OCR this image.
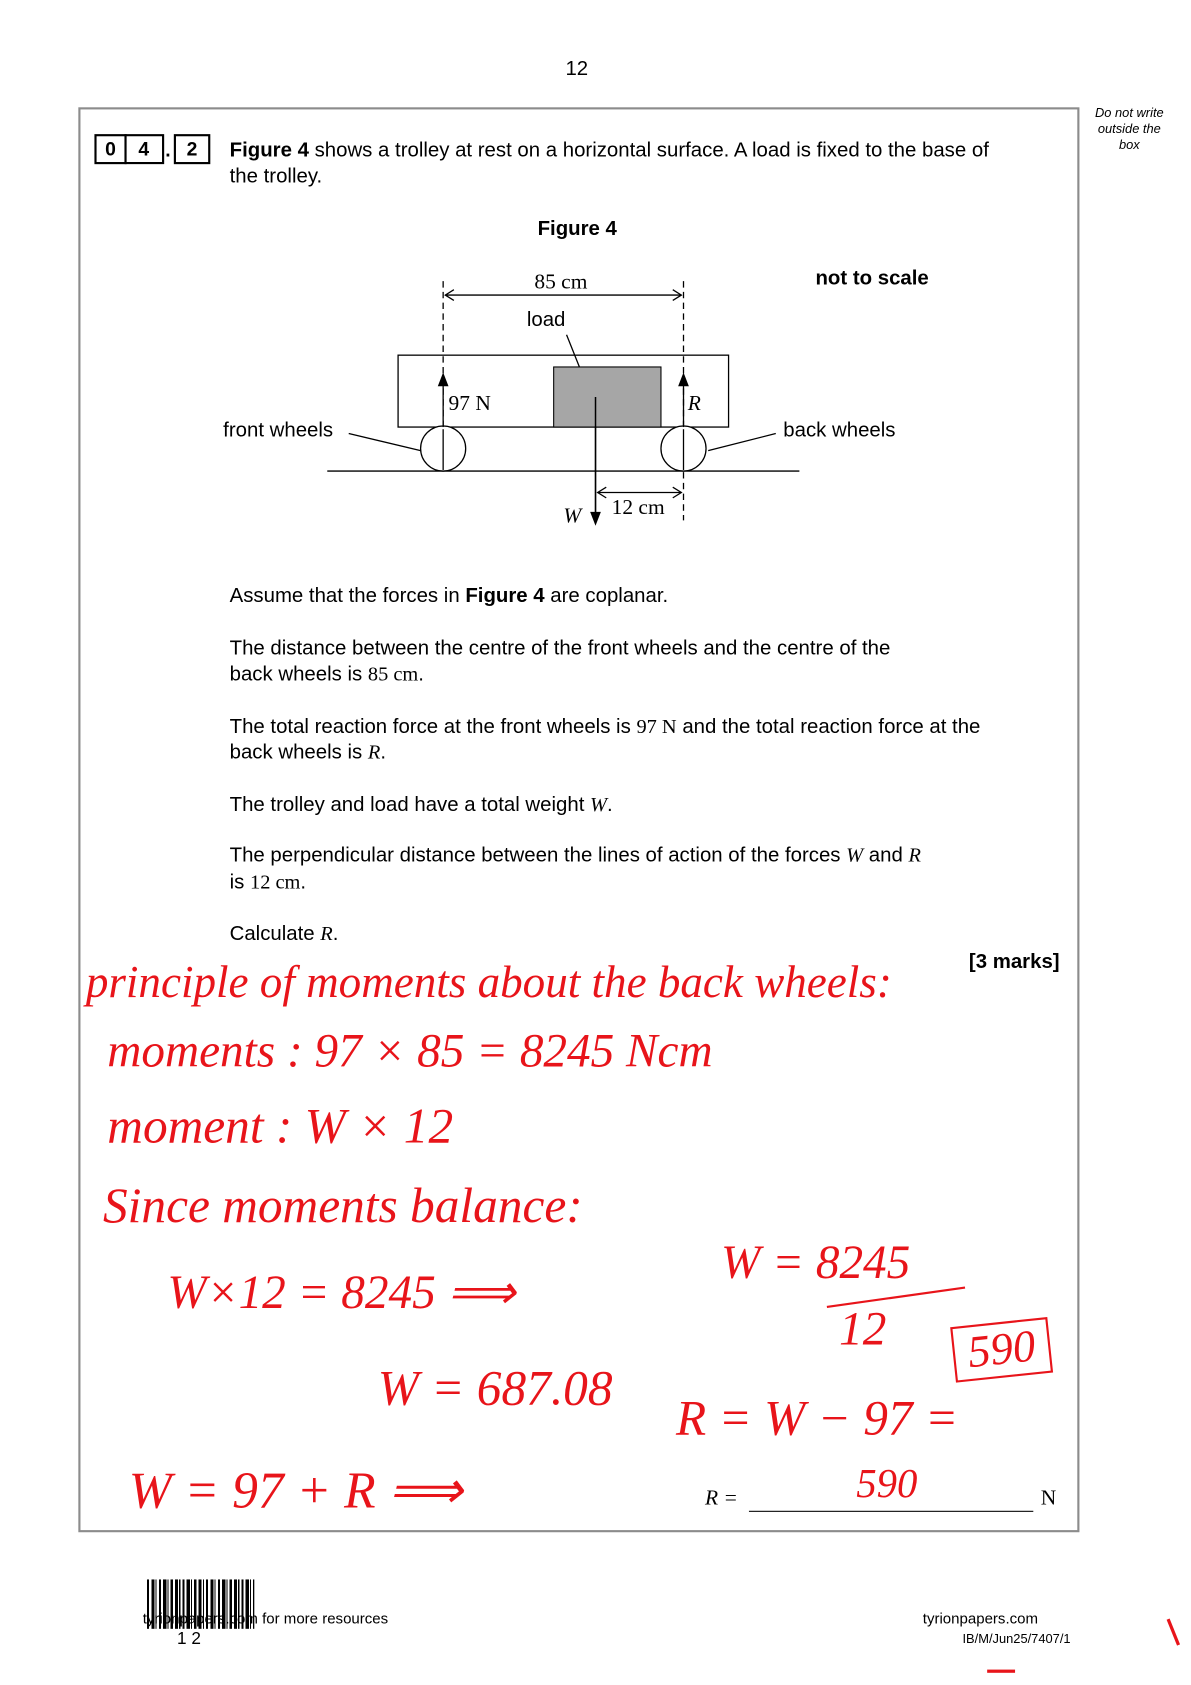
12
Do not write
outside the
box
0	4 . 2	Figure 4 shows a trolley at rest on a horizontal surface. A load is fixed to the base of
the trolley.
Figure 4
not to scale
85 cm
load
97 N	R
front wheels	back wheels
W 12 cm
Assume that the forces in Figure 4 are coplanar.
The distance between the centre of the front wheels and the centre of the
back wheels is 85 cm.
The total reaction force at the front wheels is 97 N and the total reaction force at the
back wheels is R.
The trolley and load have a total weight W.
The perpendicular distance between the lines of action of the forces W and R
is 12 cm.
Calculate R.
[3 marks]
principle of moments about the back wheels:
moments : 97 × 85 = 8245 Ncm
moment : W × 12
Since moments balance:
W×12 = 8245 ⟹
W = 8245
12
W = 687.08
R = W − 97 =
590
W = 97 + R ⟹	R =	590	N
tyrionpapers.com for more resources
1 2
tyrionpapers.com
IB/M/Jun25/7407/1
